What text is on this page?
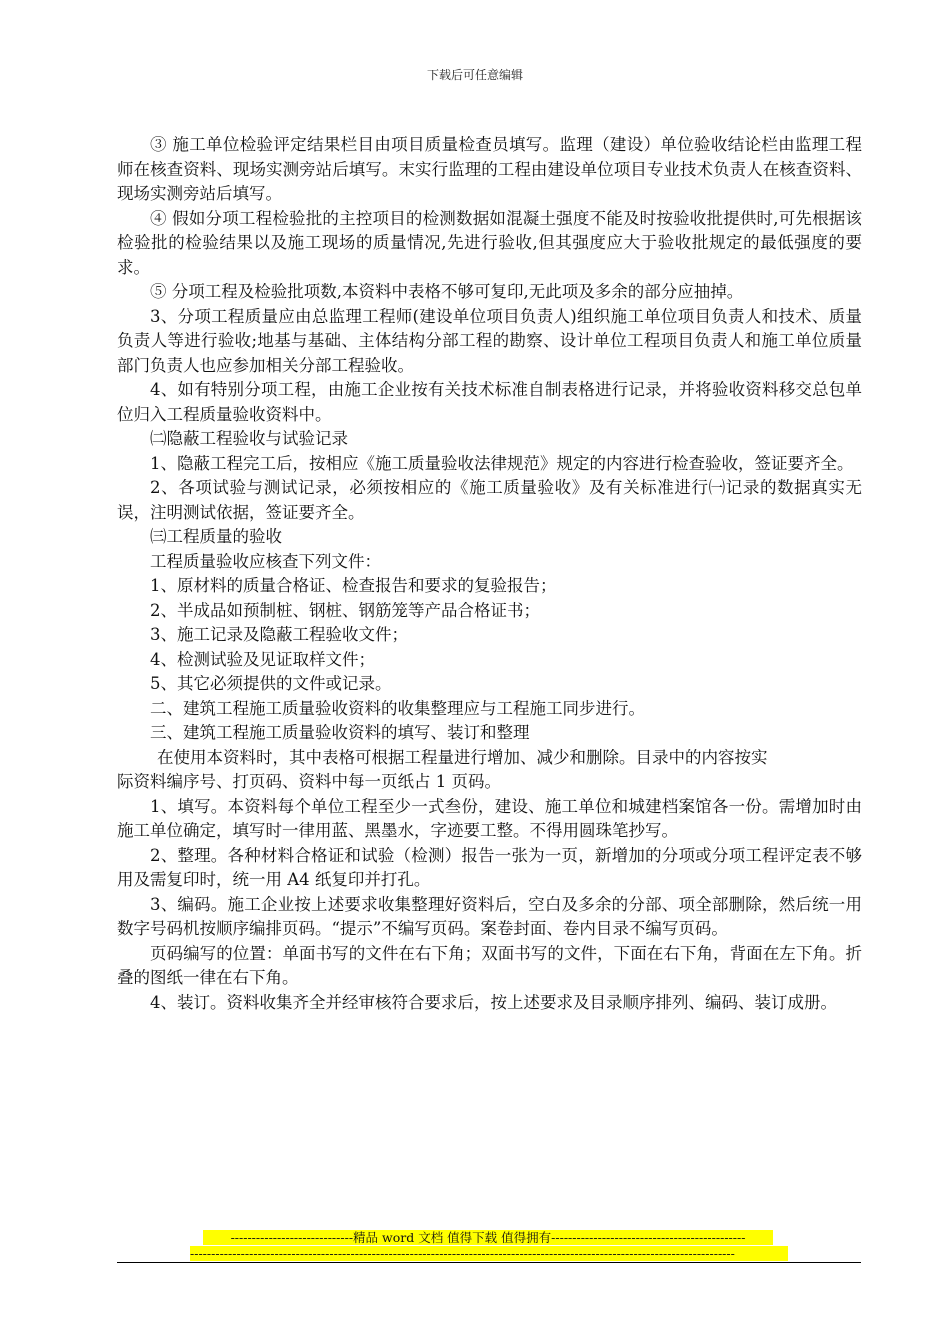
下载后可任意编辑

③ 施工单位检验评定结果栏目由项目质量检查员填写。监理（建设）单位验收结论栏由监理工程师在核查资料、现场实测旁站后填写。末实行监理的工程由建设单位项目专业技术负责人在核查资料、现场实测旁站后填写。

④ 假如分项工程检验批的主控项目的检测数据如混凝土强度不能及时按验收批提供时,可先根据该检验批的检验结果以及施工现场的质量情况,先进行验收,但其强度应大于验收批规定的最低强度的要求。

⑤ 分项工程及检验批项数,本资料中表格不够可复印,无此项及多余的部分应抽掉。

3、分项工程质量应由总监理工程师(建设单位项目负责人)组织施工单位项目负责人和技术、质量负责人等进行验收;地基与基础、主体结构分部工程的勘察、设计单位工程项目负责人和施工单位质量部门负责人也应参加相关分部工程验收。

4、如有特别分项工程，由施工企业按有关技术标准自制表格进行记录，并将验收资料移交总包单位归入工程质量验收资料中。

㈡隐蔽工程验收与试验记录

1、隐蔽工程完工后，按相应《施工质量验收法律规范》规定的内容进行检查验收，签证要齐全。

2、各项试验与测试记录，必须按相应的《施工质量验收》及有关标准进行㈠记录的数据真实无误，注明测试依据，签证要齐全。

㈢工程质量的验收

工程质量验收应核查下列文件：

1、原材料的质量合格证、检查报告和要求的复验报告；

2、半成品如预制桩、钢桩、钢筋笼等产品合格证书；

3、施工记录及隐蔽工程验收文件；

4、检测试验及见证取样文件；

5、其它必须提供的文件或记录。

二、建筑工程施工质量验收资料的收集整理应与工程施工同步进行。

三、建筑工程施工质量验收资料的填写、装订和整理

在使用本资料时，其中表格可根据工程量进行增加、减少和删除。目录中的内容按实

际资料编序号、打页码、资料中每一页纸占 1 页码。

1、填写。本资料每个单位工程至少一式叁份，建设、施工单位和城建档案馆各一份。需增加时由施工单位确定，填写时一律用蓝、黑墨水，字迹要工整。不得用圆珠笔抄写。

2、整理。各种材料合格证和试验（检测）报告一张为一页，新增加的分项或分项工程评定表不够用及需复印时，统一用 A4 纸复印并打孔。

3、编码。施工企业按上述要求收集整理好资料后，空白及多余的分部、项全部删除，然后统一用数字号码机按顺序编排页码。“提示”不编写页码。案卷封面、卷内目录不编写页码。

页码编写的位置：单面书写的文件在右下角；双面书写的文件，下面在右下角，背面在左下角。折叠的图纸一律在右下角。

4、装订。资料收集齐全并经审核符合要求后，按上述要求及目录顺序排列、编码、装订成册。

-----------------------------精品 word 文档 值得下载 值得拥有----------------------------------------------
---------------------------------------------------------------------------------------------------------------------------------
